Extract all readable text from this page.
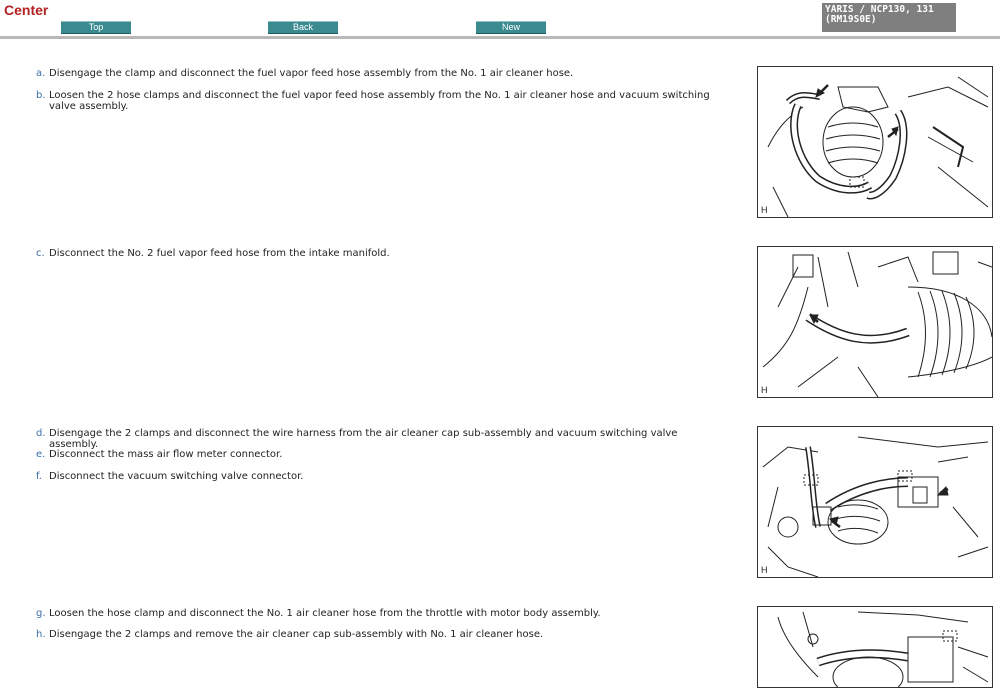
Center
Top	Back	New
YARIS / NCP130, 131
(RM19S0E)
a. Disengage the clamp and disconnect the fuel vapor feed hose assembly from the No. 1 air cleaner hose.
b. Loosen the 2 hose clamps and disconnect the fuel vapor feed hose assembly from the No. 1 air cleaner hose and vacuum switching valve assembly.
c. Disconnect the No. 2 fuel vapor feed hose from the intake manifold.
d. Disengage the 2 clamps and disconnect the wire harness from the air cleaner cap sub-assembly and vacuum switching valve assembly.
e. Disconnect the mass air flow meter connector.
f. Disconnect the vacuum switching valve connector.
g. Loosen the hose clamp and disconnect the No. 1 air cleaner hose from the throttle with motor body assembly.
h. Disengage the 2 clamps and remove the air cleaner cap sub-assembly with No. 1 air cleaner hose.
H
H
H
